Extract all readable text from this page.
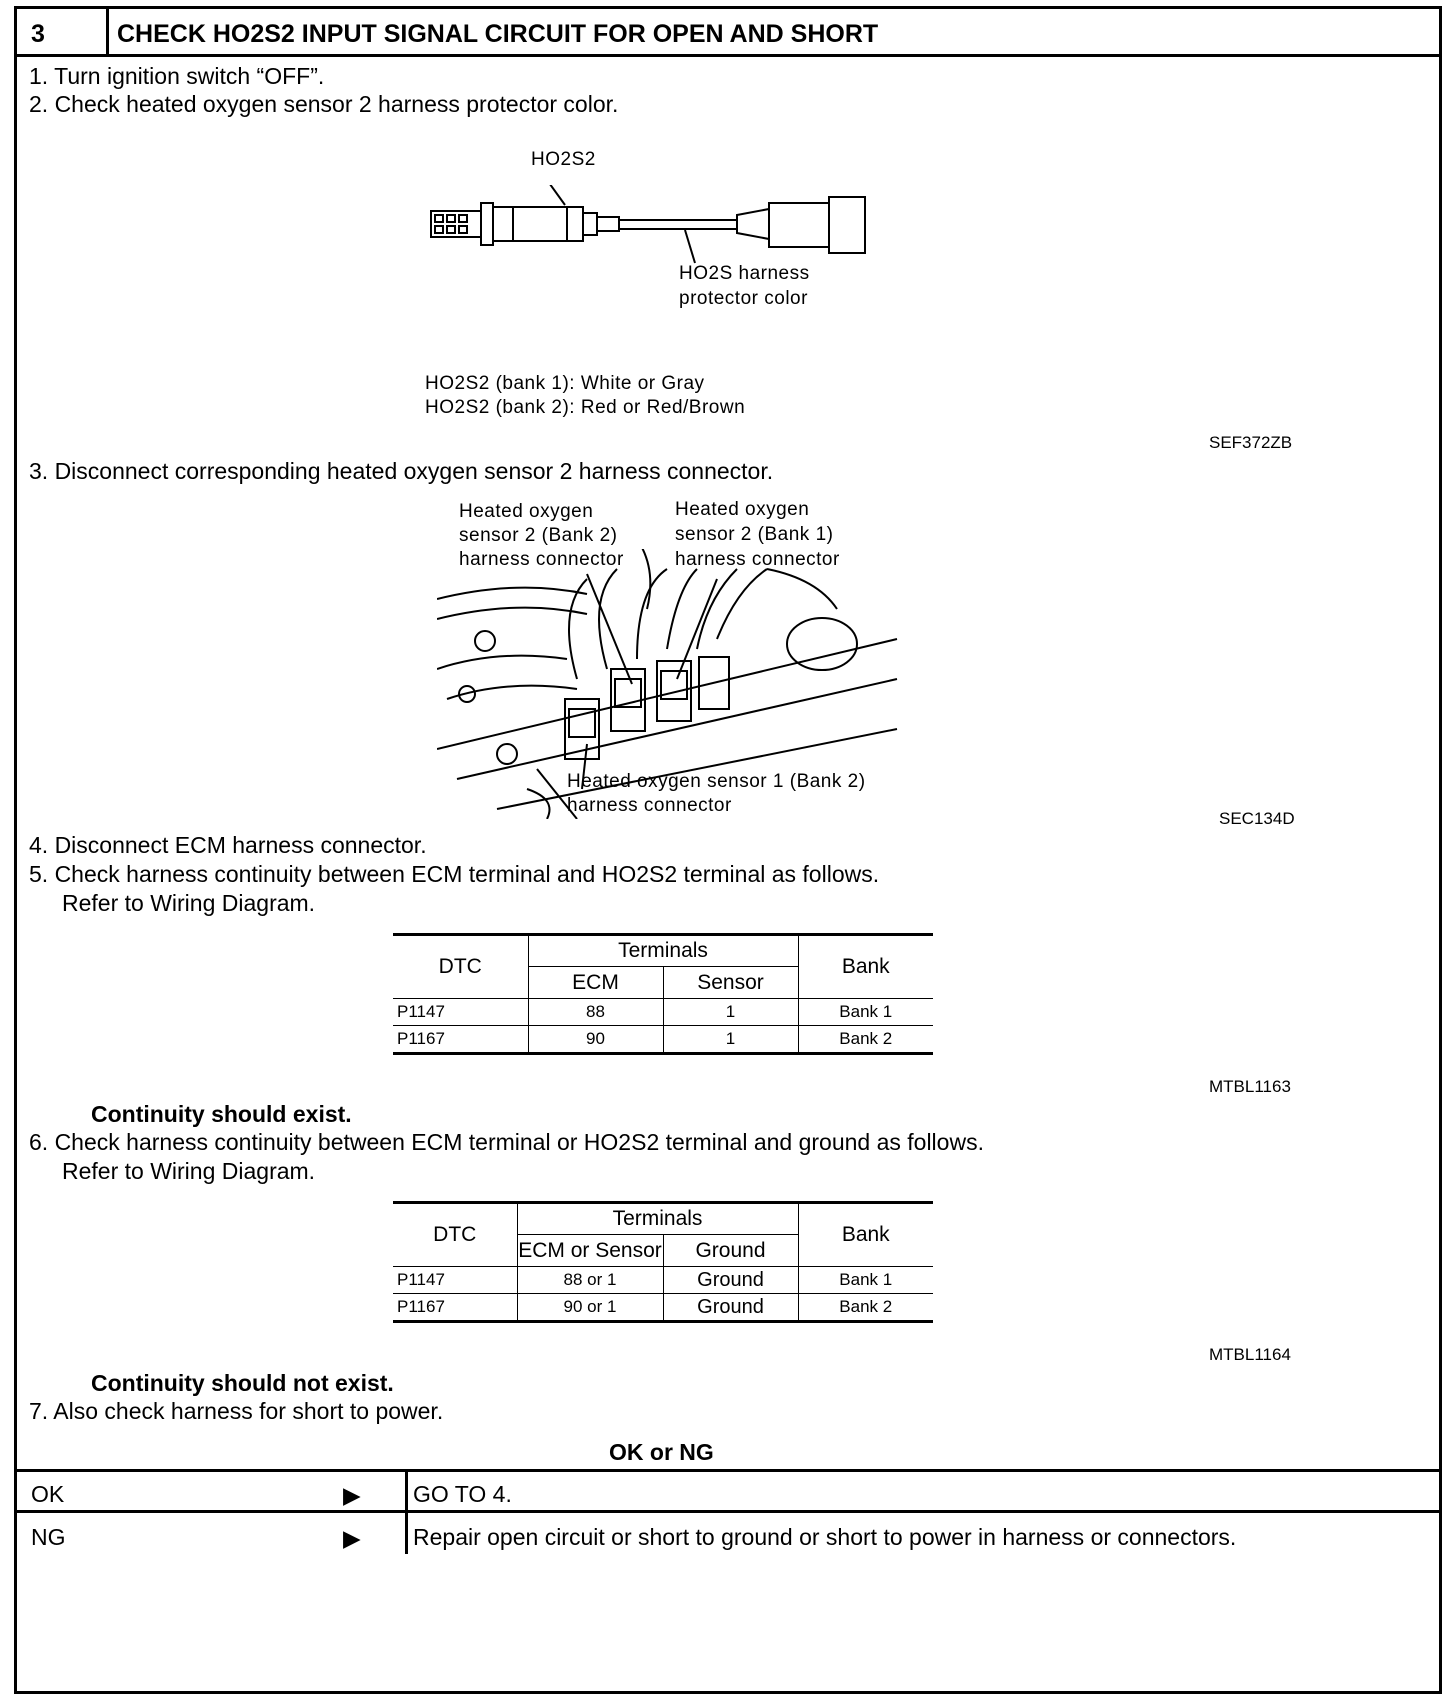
3	CHECK HO2S2 INPUT SIGNAL CIRCUIT FOR OPEN AND SHORT
1. Turn ignition switch “OFF”.
2. Check heated oxygen sensor 2 harness protector color.
HO2S2
HO2S harness
protector color
HO2S2 (bank 1): White or Gray
HO2S2 (bank 2): Red or Red/Brown
SEF372ZB
3. Disconnect corresponding heated oxygen sensor 2 harness connector.
Heated oxygen
sensor 2 (Bank 2)
harness connector
Heated oxygen
sensor 2 (Bank 1)
harness connector
Heated oxygen sensor 1 (Bank 2)
harness connector
SEC134D
4. Disconnect ECM harness connector.
5. Check harness continuity between ECM terminal and HO2S2 terminal as follows.
Refer to Wiring Diagram.
DTC	Terminals		Bank
	ECM	Sensor	
P1147	88	1	Bank 1
P1167	90	1	Bank 2
MTBL1163
Continuity should exist.
6. Check harness continuity between ECM terminal or HO2S2 terminal and ground as follows.
Refer to Wiring Diagram.
DTC	Terminals		Bank
	ECM or Sensor	Ground	
P1147	88 or 1	Ground	Bank 1
P1167	90 or 1	Ground	Bank 2
MTBL1164
Continuity should not exist.
7. Also check harness for short to power.
OK or NG
OK	▶ GO TO 4.
NG	▶ Repair open circuit or short to ground or short to power in harness or connectors.
